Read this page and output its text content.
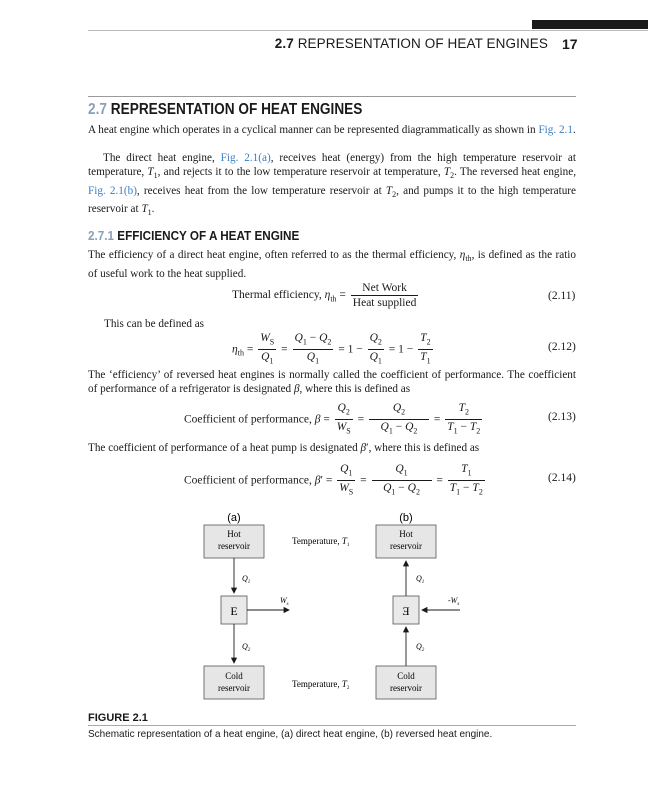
2.7 REPRESENTATION OF HEAT ENGINES 17
2.7 REPRESENTATION OF HEAT ENGINES

A heat engine which operates in a cyclical manner can be represented diagrammatically as shown in Fig. 2.1.

The direct heat engine, Fig. 2.1(a), receives heat (energy) from the high temperature reservoir at temperature, $T_1$, and rejects it to the low temperature reservoir at temperature, $T_2$. The reversed heat engine, Fig. 2.1(b), receives heat from the low temperature reservoir at $T_2$, and pumps it to the high temperature reservoir at $T_1$.

2.7.1 EFFICIENCY OF A HEAT ENGINE

The efficiency of a direct heat engine, often referred to as the thermal efficiency, $\eta_{th}$, is defined as the ratio of useful work to the heat supplied.

Thermal efficiency, $\eta_{th} = \frac{\text{Net Work}}{\text{Heat supplied}}$	(2.11)

This can be defined as

$\eta_{th} = \frac{W_S}{Q_1} = \frac{Q_1 - Q_2}{Q_1} = 1 - \frac{Q_2}{Q_1} = 1 - \frac{T_2}{T_1}$	(2.12)

The ‘efficiency’ of reversed heat engines is normally called the coefficient of performance. The coefficient of performance of a refrigerator is designated β, where this is defined as

Coefficient of performance, $\beta = \frac{Q_2}{W_S} = \frac{Q_2}{Q_1 - Q_2} = \frac{T_2}{T_1 - T_2}$	(2.13)

The coefficient of performance of a heat pump is designated β′, where this is defined as

Coefficient of performance, $\beta' = \frac{Q_1}{W_S} = \frac{Q_1}{Q_1 - Q_2} = \frac{T_1}{T_1 - T_2}$	(2.14)
(a)	(b)
Hot
reservoir
$Q_1$
E
$W_s$
$Q_2$
Cold
reservoir
Temperature, $T_1$
Temperature, $T_2$
Hot
reservoir
$Q_1$
E
$-W_s$
$Q_2$
Cold
reservoir
FIGURE 2.1
Schematic representation of a heat engine, (a) direct heat engine, (b) reversed heat engine.
